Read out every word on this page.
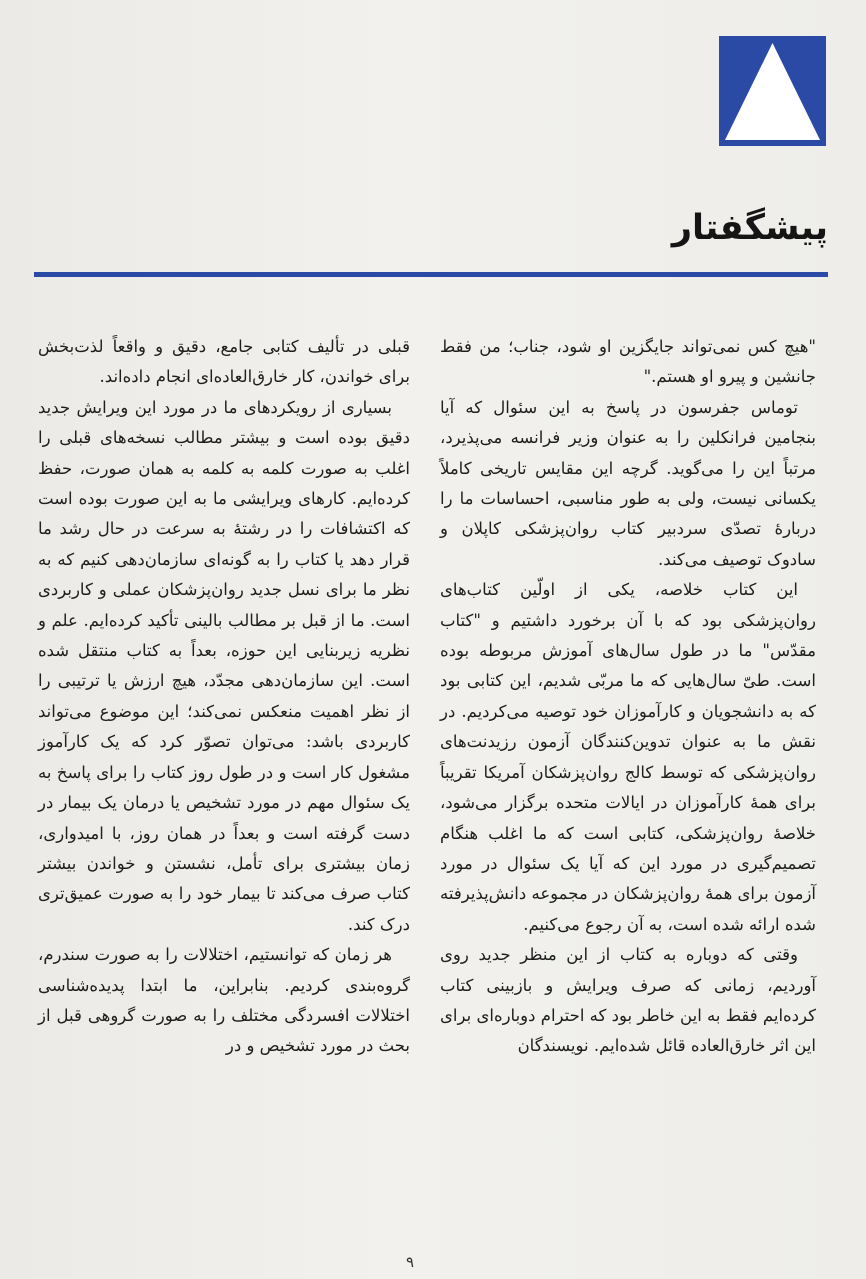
پیشگفتار

"هیچ کس نمی‌تواند جایگزین او شود، جناب؛ من فقط جانشین و پیرو او هستم."

توماس جفرسون در پاسخ به این سئوال که آیا بنجامین فرانکلین را به عنوان وزیر فرانسه می‌پذیرد، مرتباً این را می‌گوید. گرچه این مقایس تاریخی کاملاً یکسانی نیست، ولی به طور مناسبی، احساسات ما را دربارهٔ تصدّی سردبیر کتاب روان‌پزشکی کاپلان و سادوک توصیف می‌کند.

این کتاب خلاصه، یکی از اولّین کتاب‌های روان‌پزشکی بود که با آن برخورد داشتیم و "کتاب مقدّس" ما در طول سال‌های آموزش مربوطه بوده است. طیّ سال‌هایی که ما مربّی شدیم، این کتابی بود که به دانشجویان و کارآموزان خود توصیه می‌کردیم. در نقش ما به عنوان تدوین‌کنندگان آزمون رزیدنت‌های روان‌پزشکی که توسط کالج روان‌پزشکان آمریکا تقریباً برای همهٔ کارآموزان در ایالات متحده برگزار می‌شود، خلاصهٔ روان‌پزشکی، کتابی است که ما اغلب هنگام تصمیم‌گیری در مورد این که آیا یک سئوال در مورد آزمون برای همهٔ روان‌پزشکان در مجموعه دانش‌پذیرفته شده ارائه شده است، به آن رجوع می‌کنیم.

وقتی که دوباره به کتاب از این منظر جدید روی آوردیم، زمانی که صرف ویرایش و بازبینی کتاب کرده‌ایم فقط به این خاطر بود که احترام دوباره‌ای برای این اثر خارق‌العاده قائل شده‌ایم. نویسندگان

قبلی در تألیف کتابی جامع، دقیق و واقعاً لذت‌بخش برای خواندن، کار خارق‌العاده‌ای انجام داده‌اند.

بسیاری از رویکردهای ما در مورد این ویرایش جدید دقیق بوده است و بیشتر مطالب نسخه‌های قبلی را اغلب به صورت کلمه به کلمه به همان صورت، حفظ کرده‌ایم. کارهای ویرایشی ما به این صورت بوده است که اکتشافات را در رشتهٔ به سرعت در حال رشد ما قرار دهد یا کتاب را به گونه‌ای سازمان‌دهی کنیم که به نظر ما برای نسل جدید روان‌پزشکان عملی و کاربردی است. ما از قبل بر مطالب بالینی تأکید کرده‌ایم. علم و نظریه زیربنایی این حوزه، بعداً به کتاب منتقل شده است. این سازمان‌دهی مجدّد، هیچ ارزش یا ترتیبی را از نظر اهمیت منعکس نمی‌کند؛ این موضوع می‌تواند کاربردی باشد: می‌توان تصوّر کرد که یک کارآموز مشغول کار است و در طول روز کتاب را برای پاسخ به یک سئوال مهم در مورد تشخیص یا درمان یک بیمار در دست گرفته است و بعداً در همان روز، با امیدواری، زمان بیشتری برای تأمل، نشستن و خواندن بیشتر کتاب صرف می‌کند تا بیمار خود را به صورت عمیق‌تری درک کند.

هر زمان که توانستیم، اختلالات را به صورت سندرم، گروه‌بندی کردیم. بنابراین، ما ابتدا پدیده‌شناسی اختلالات افسردگی مختلف را به صورت گروهی قبل از بحث در مورد تشخیص و در

۹
